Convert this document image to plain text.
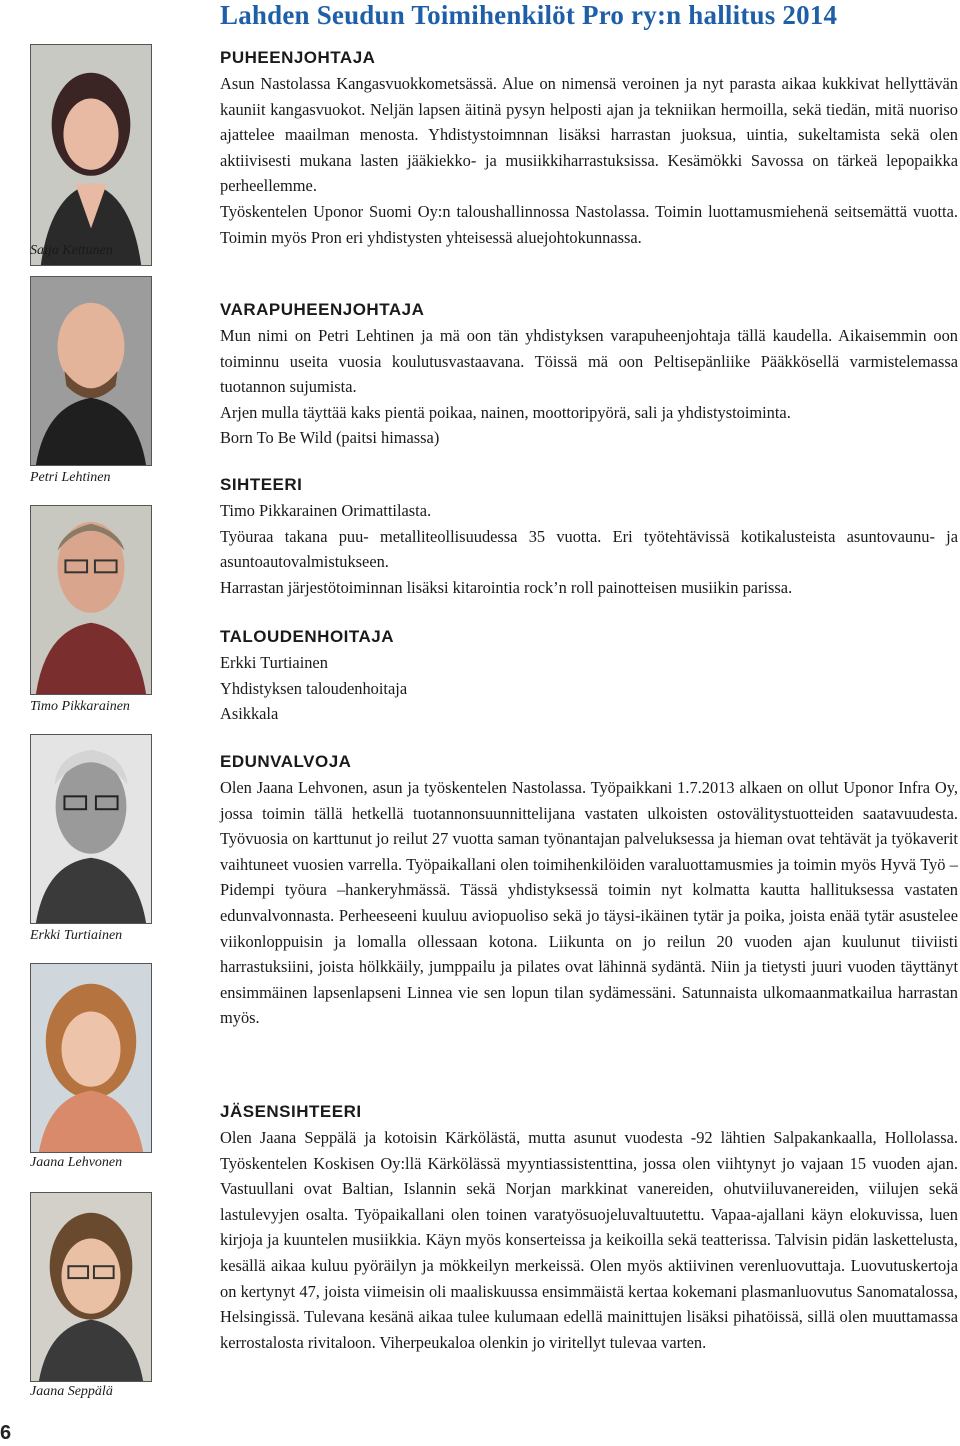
Lahden Seudun Toimihenkilöt Pro ry:n hallitus 2014
Saija Kettunen
Petri Lehtinen
Timo Pikkarainen
Erkki Turtiainen
Jaana Lehvonen
Jaana Seppälä
6
PUHEENJOHTAJA

Asun Nastolassa Kangasvuokkometsässä. Alue on nimensä veroinen ja nyt parasta aikaa kukkivat hellyttävän kauniit kangasvuokot. Neljän lapsen äitinä pysyn helposti ajan ja tekniikan hermoilla, sekä tiedän, mitä nuoriso ajattelee maailman menosta. Yhdistystoimnnan lisäksi harrastan juoksua, uintia, sukeltamista sekä olen aktiivisesti mukana lasten jääkiekko- ja musiikkiharrastuksissa. Kesämökki Savossa on tärkeä lepopaikka perheellemme.

Työskentelen Uponor Suomi Oy:n taloushallinnossa Nastolassa. Toimin luottamusmiehenä seitsemättä vuotta. Toimin myös Pron eri yhdistysten yhteisessä aluejohtokunnassa.

VARAPUHEENJOHTAJA

Mun nimi on Petri Lehtinen ja mä oon tän yhdistyksen varapuheenjohtaja tällä kaudella. Aikaisemmin oon toiminnu useita vuosia koulutusvastaavana. Töissä mä oon Peltisepänliike Pääkkösellä varmistelemassa tuotannon sujumista.

Arjen mulla täyttää kaks pientä poikaa, nainen, moottoripyörä, sali ja yhdistystoiminta.

Born To Be Wild (paitsi himassa)

SIHTEERI

Timo Pikkarainen Orimattilasta.

Työuraa takana puu- metalliteollisuudessa 35 vuotta. Eri työtehtävissä kotikalusteista asuntovaunu- ja asuntoautovalmistukseen.

Harrastan järjestötoiminnan lisäksi kitarointia rock’n roll painotteisen musiikin parissa.

TALOUDENHOITAJA

Erkki Turtiainen

Yhdistyksen taloudenhoitaja

Asikkala

EDUNVALVOJA

Olen Jaana Lehvonen, asun ja työskentelen Nastolassa. Työpaikkani 1.7.2013 alkaen on ollut Uponor Infra Oy, jossa toimin tällä hetkellä tuotannonsuunnittelijana vastaten ulkoisten ostovälitystuotteiden saatavuudesta. Työvuosia on karttunut jo reilut 27 vuotta saman työnantajan palveluksessa ja hieman ovat tehtävät ja työkaverit vaihtuneet vuosien varrella. Työpaikallani olen toimihenkilöiden varaluottamusmies ja toimin myös Hyvä Työ – Pidempi työura –hankeryhmässä. Tässä yhdistyksessä toimin nyt kolmatta kautta hallituksessa vastaten edunvalvonnasta. Perheeseeni kuuluu aviopuoliso sekä jo täysi-ikäinen tytär ja poika, joista enää tytär asustelee viikonloppuisin ja lomalla ollessaan kotona. Liikunta on jo reilun 20 vuoden ajan kuulunut tiiviisti harrastuksiini, joista hölkkäily, jumppailu ja pilates ovat lähinnä sydäntä. Niin ja tietysti juuri vuoden täyttänyt ensimmäinen lapsenlapseni Linnea vie sen lopun tilan sydämessäni. Satunnaista ulkomaanmatkailua harrastan myös.

JÄSENSIHTEERI

Olen Jaana Seppälä ja kotoisin Kärkölästä, mutta asunut vuodesta -92 lähtien Salpakankaalla, Hollolassa. Työskentelen Koskisen Oy:llä Kärkölässä myyntiassistenttina, jossa olen viihtynyt jo vajaan 15 vuoden ajan. Vastuullani ovat Baltian, Islannin sekä Norjan markkinat vanereiden, ohutviiluvanereiden, viilujen sekä lastulevyjen osalta. Työpaikallani olen toinen varatyösuojeluvaltuutettu. Vapaa-ajallani käyn elokuvissa, luen kirjoja ja kuuntelen musiikkia. Käyn myös konserteissa ja keikoilla sekä teatterissa. Talvisin pidän laskettelusta, kesällä aikaa kuluu pyöräilyn ja mökkeilyn merkeissä. Olen myös aktiivinen verenluovuttaja. Luovutuskertoja on kertynyt 47, joista viimeisin oli maaliskuussa ensimmäistä kertaa kokemani plasmanluovutus Sanomatalossa, Helsingissä. Tulevana kesänä aikaa tulee kulumaan edellä mainittujen lisäksi pihatöissä, sillä olen muuttamassa kerrostalosta rivitaloon. Viherpeukaloa olenkin jo viritellyt tulevaa varten.
